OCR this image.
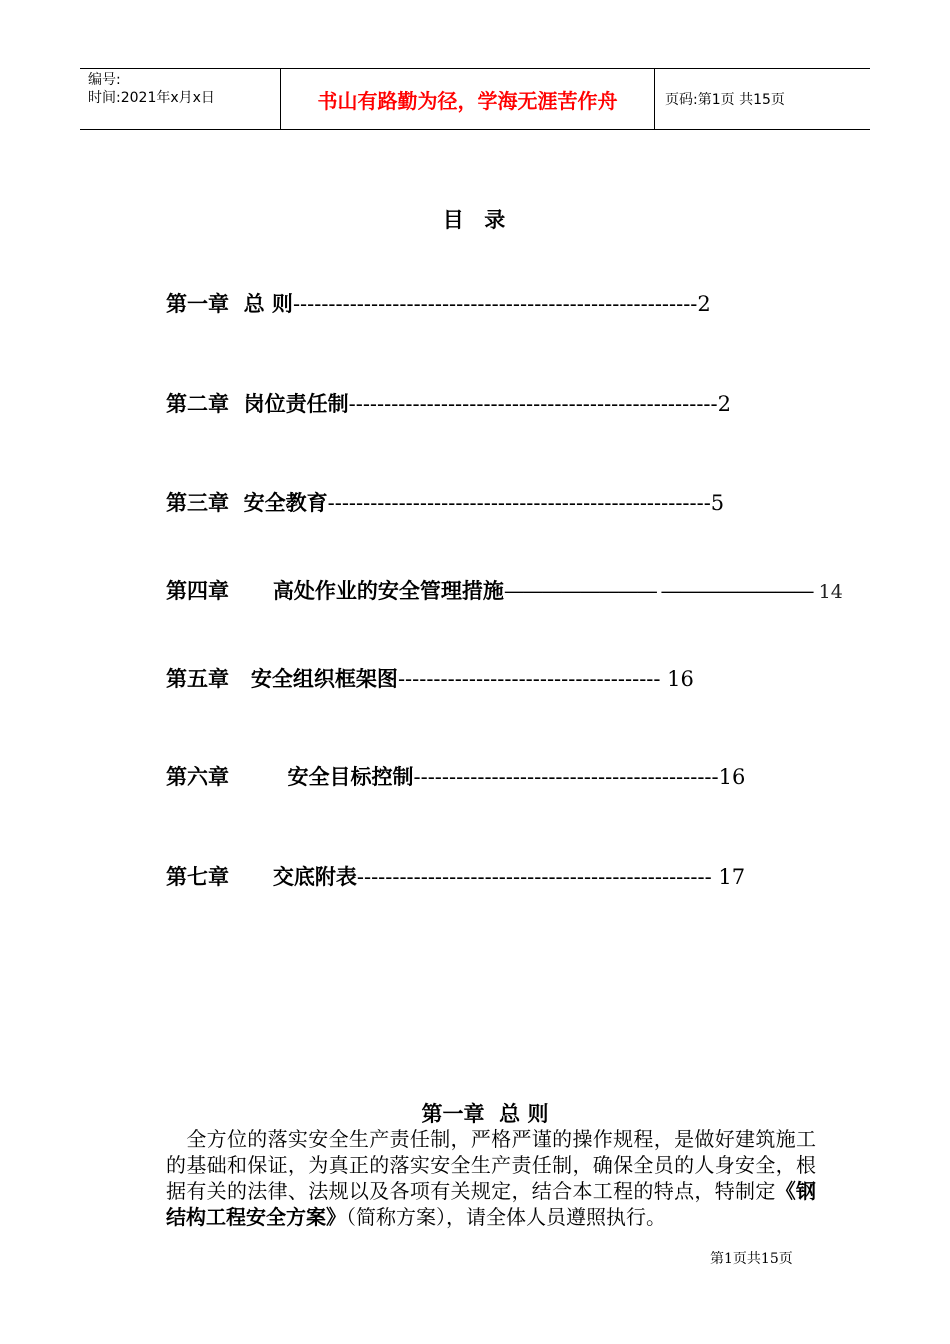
编号:
时间:2021年x月x日	书山有路勤为径，学海无涯苦作舟	页码:第1页 共15页
目  录
第一章  总 则---------------------------------------------------------2
第二章  岗位责任制----------------------------------------------------2
第三章  安全教育------------------------------------------------------5
第四章      高处作业的安全管理措施———————— ———————— 14
第五章   安全组织框架图------------------------------------- 16
第六章        安全目标控制-------------------------------------------16
第七章      交底附表-------------------------------------------------- 17
第一章  总 则

全方位的落实安全生产责任制，严格严谨的操作规程，是做好建筑施工的基础和保证，为真正的落实安全生产责任制，确保全员的人身安全，根据有关的法律、法规以及各项有关规定，结合本工程的特点，特制定《钢结构工程安全方案》（简称方案），请全体人员遵照执行。

第1页共15页
